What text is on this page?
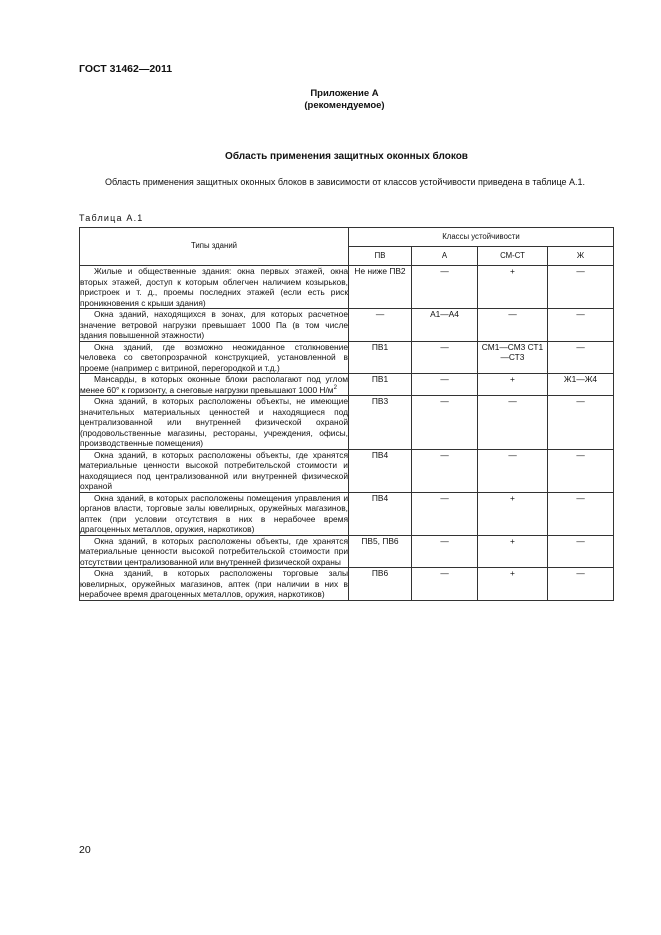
ГОСТ 31462—2011
Приложение А
(рекомендуемое)
Область применения защитных оконных блоков
Область применения защитных оконных блоков в зависимости от классов устойчивости приведена в таблице А.1.
Таблица А.1
Типы зданий	Классы устойчивости			
	ПВ	А	СМ-СТ	Ж
Жилые и общественные здания: окна первых этажей, окна вторых этажей, доступ к которым облегчен наличием козырьков, пристроек и т. д., проемы последних этажей (если есть риск проникновения с крыши здания)	Не ниже ПВ2	—	+	—
Окна зданий, находящихся в зонах, для которых расчетное значение ветровой нагрузки превышает 1000 Па (в том числе здания повышенной этажности)	—	А1—А4	—	—
Окна зданий, где возможно неожиданное столкновение человека со светопрозрачной конструкцией, установленной в проеме (например с витриной, перегородкой и т.д.)	ПВ1	—	СМ1—СМ3 СТ1—СТ3	—
Мансарды, в которых оконные блоки располагают под углом менее 60° к горизонту, а снеговые нагрузки превышают 1000 $Н/м^2$	ПВ1	—	+	Ж1—Ж4
Окна зданий, в которых расположены объекты, не имеющие значительных материальных ценностей и находящиеся под централизованной или внутренней физической охраной (продовольственные магазины, рестораны, учреждения, офисы, производственные помещения)	ПВ3	—	—	—
Окна зданий, в которых расположены объекты, где хранятся материальные ценности высокой потребительской стоимости и находящиеся под централизованной или внутренней физической охраной	ПВ4	—	—	—
Окна зданий, в которых расположены помещения управления и органов власти, торговые залы ювелирных, оружейных магазинов, аптек (при условии отсутствия в них в нерабочее время драгоценных металлов, оружия, наркотиков)	ПВ4	—	+	—
Окна зданий, в которых расположены объекты, где хранятся материальные ценности высокой потребительской стоимости при отсутствии централизованной или внутренней физической охраны	ПВ5, ПВ6	—	+	—
Окна зданий, в которых расположены торговые залы ювелирных, оружейных магазинов, аптек (при наличии в них в нерабочее время драгоценных металлов, оружия, наркотиков)	ПВ6	—	+	—
20
